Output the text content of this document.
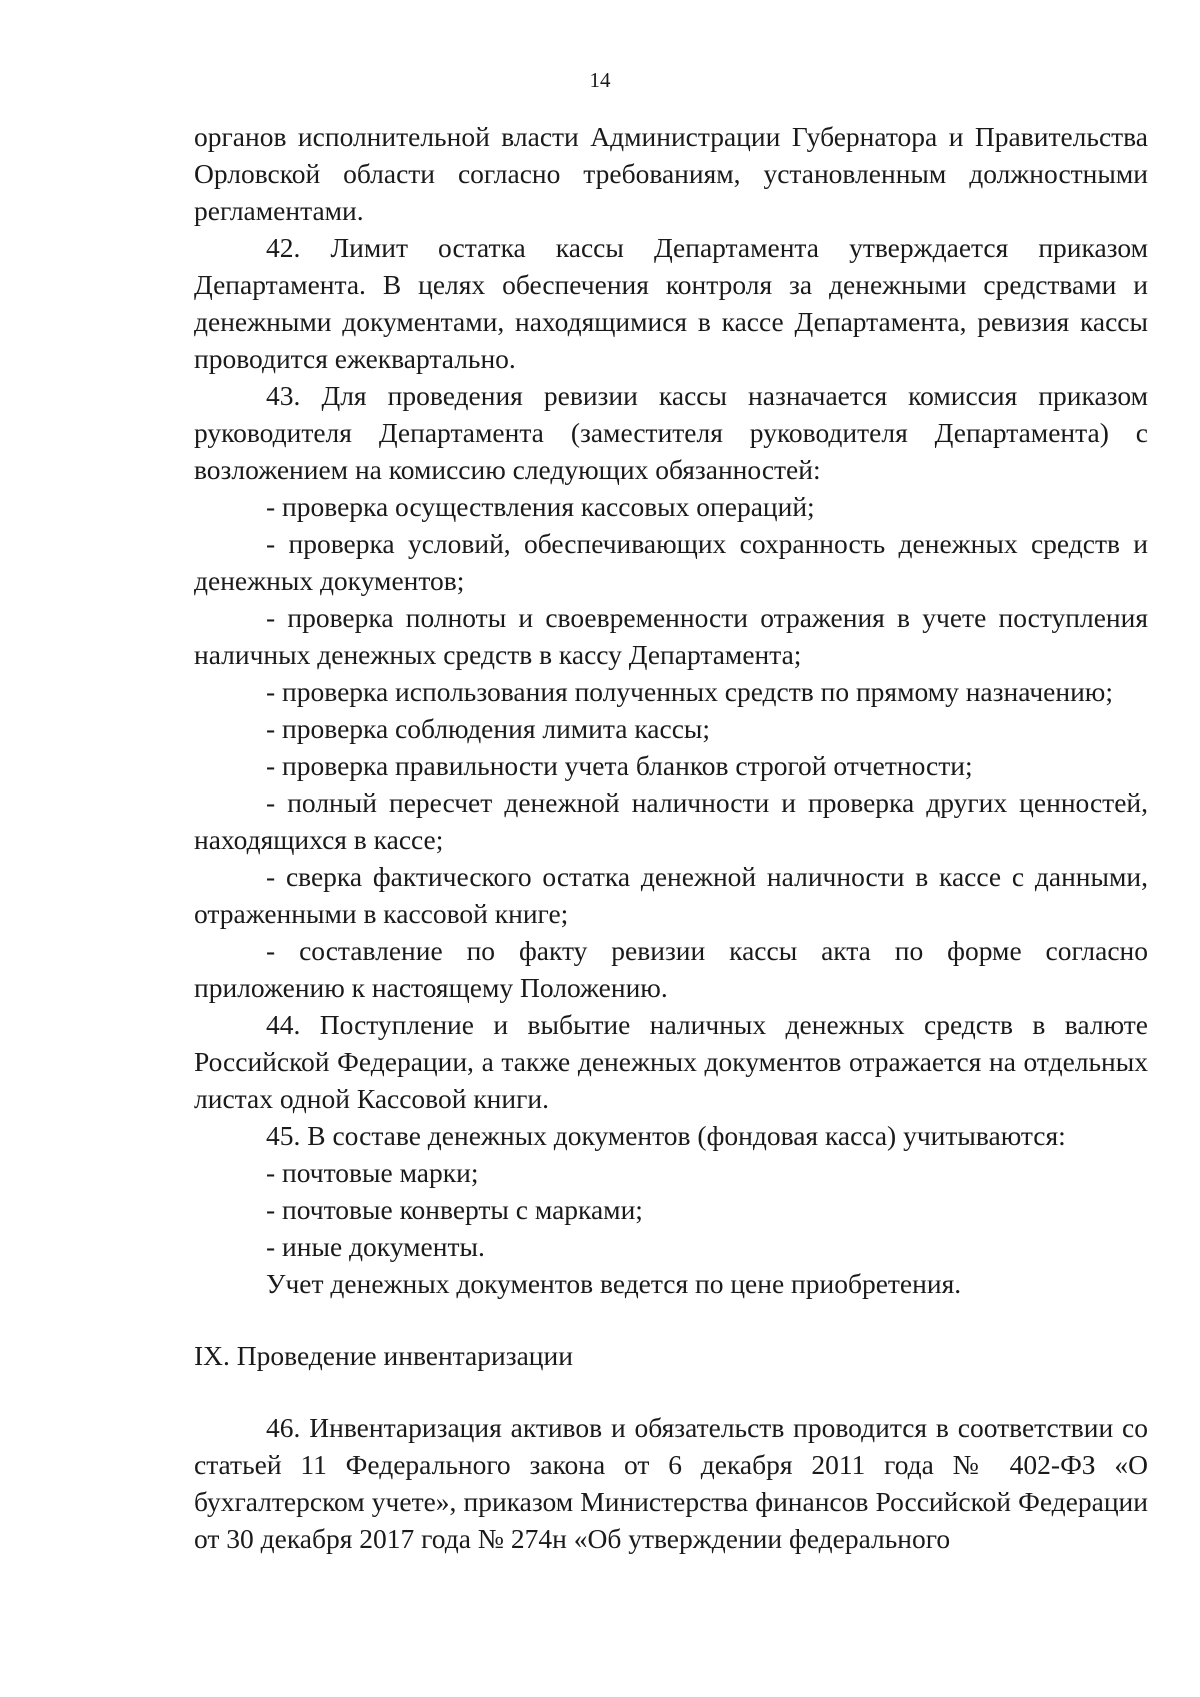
14

органов исполнительной власти Администрации Губернатора и Правительства Орловской области согласно требованиям, установленным должностными регламентами.

42. Лимит остатка кассы Департамента утверждается приказом Департамента. В целях обеспечения контроля за денежными средствами и денежными документами, находящимися в кассе Департамента, ревизия кассы проводится ежеквартально.

43. Для проведения ревизии кассы назначается комиссия приказом руководителя Департамента (заместителя руководителя Департамента) с возложением на комиссию следующих обязанностей:

- проверка осуществления кассовых операций;

- проверка условий, обеспечивающих сохранность денежных средств и денежных документов;

- проверка полноты и своевременности отражения в учете поступления наличных денежных средств в кассу Департамента;

- проверка использования полученных средств по прямому назначению;

- проверка соблюдения лимита кассы;

- проверка правильности учета бланков строгой отчетности;

- полный пересчет денежной наличности и проверка других ценностей, находящихся в кассе;

- сверка фактического остатка денежной наличности в кассе с данными, отраженными в кассовой книге;

- составление по факту ревизии кассы акта по форме согласно приложению к настоящему Положению.

44. Поступление и выбытие наличных денежных средств в валюте Российской Федерации, а также денежных документов отражается на отдельных листах одной Кассовой книги.

45. В составе денежных документов (фондовая касса) учитываются:

- почтовые марки;

- почтовые конверты с марками;

- иные документы.

Учет денежных документов ведется по цене приобретения.

IX. Проведение инвентаризации

46. Инвентаризация активов и обязательств проводится в соответствии со статьей 11 Федерального закона от 6 декабря 2011 года № 402-ФЗ «О бухгалтерском учете», приказом Министерства финансов Российской Федерации от 30 декабря 2017 года № 274н «Об утверждении федерального
